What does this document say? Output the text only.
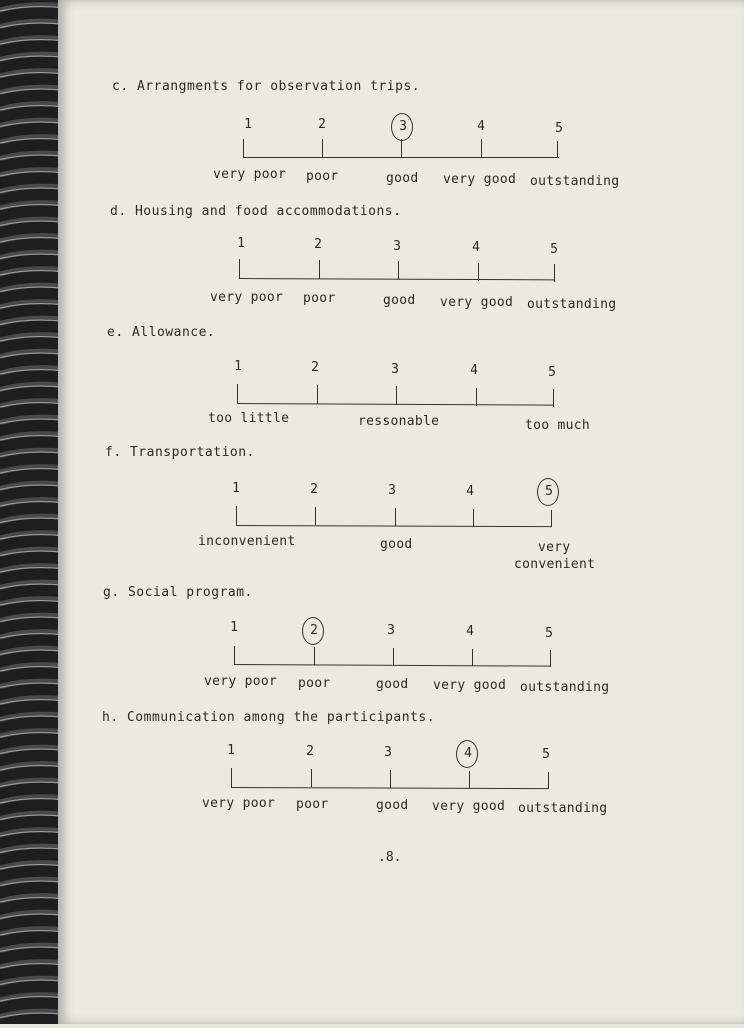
c. Arrangments for observation trips.
1	2	3	4	5
very poor poor	good very good outstanding
d. Housing and food accommodations.
1	2	3	4	5
very poor poor	good very good outstanding
e. Allowance.
1	2	3	4	5
too little	ressonable	too much
f. Transportation.
1	2	3	4	5
inconvenient	good	very
convenient
g. Social program.
1	2	3	4	5
very poor poor	good very good outstanding
h. Communication among the participants.
1	2	3	4	5
very poor poor	good very good outstanding
.8.
